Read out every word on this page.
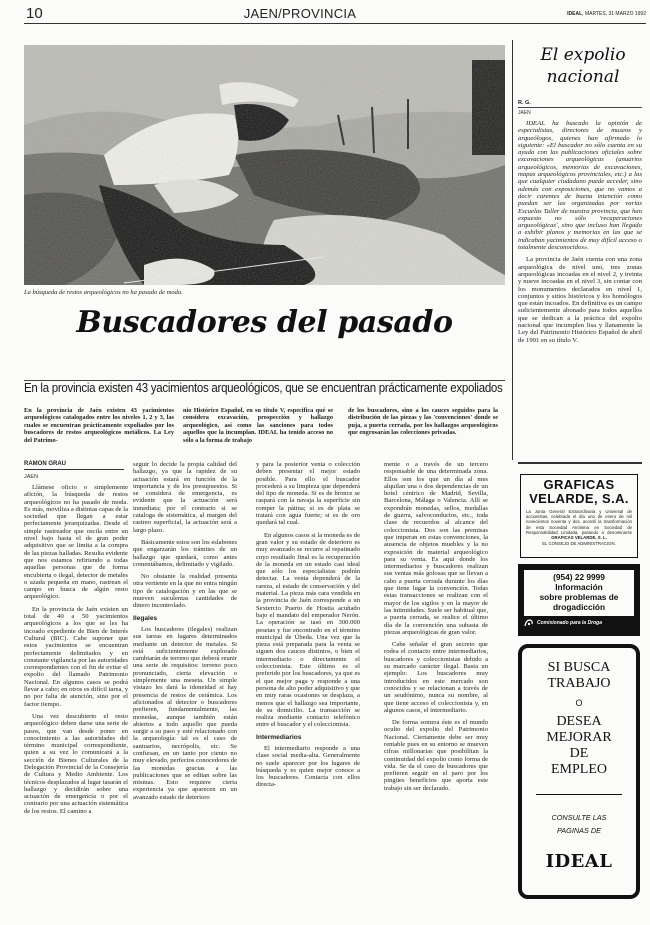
10	JAEN/PROVINCIA	IDEAL, MARTES, 31 MARZO 1992
La búsqueda de restos arqueológicos no ha pasado de moda.
Buscadores del pasado
En la provincia existen 43 yacimientos arqueológicos, que se encuentran prácticamente expoliados
En la provincia de Jaén existen 43 yacimientos arqueológicos catalogados entre los niveles 1, 2 y 3, las cuales se encuentran prácticamente expoliados por los buscadores de restos arqueológicos metálicos. La Ley del Patrimo-
nio Histórico Español, en su título V, especifica qué se considera excavación, prospección y hallazgo arqueológico, así como las sanciones para todos aquellos que la incumplan. IDEAL ha tenido acceso no sólo a la forma de trabajo
de los buscadores, sino a los cauces seguidos para la distribución de las piezas y las 'convenciones' donde se puja, a puerta cerrada, por los hallazgos arqueológicos que engrosarán las colecciones privadas.
RAMON GRAU
JAEN

Llámese oficio o simplemente afición, la búsqueda de restos arqueológicos no ha pasado de moda. Es más, moviliza a distintas capas de la sociedad que llegan a estar perfectamente jerarquizadas. Desde el simple rastreador que oscila entre un nivel bajo hasta el de gran poder adquisitivo que se limita a la compra de las piezas halladas. Resulta evidente que nos estamos refiriendo a todas aquellas personas que de forma encubierta o ilegal, detector de metales o azada pequeña en mano, rastrean el campo en busca de algún resto arqueológico.

En la provincia de Jaén existen un total de 40 a 50 yacimientos arqueológicos a los que se les ha incoado expediente de Bien de Interés Cultural (BIC). Cabe suponer que estos yacimientos se encuentran perfectamente delimitados y en constante vigilancia por las autoridades correspondientes con el fin de evitar el expolio del llamado Patrimonio Nacional. En algunos casos se podrá llevar a cabo; en otros es difícil tarea, y no por falta de atención, sino por el factor tiempo.

Una vez descubierto el resto arqueológico deben darse una serie de pasos, que van desde poner en conocimiento a las autoridades del término municipal correspondiente, quien a su vez lo comunicará a la sección de Bienes Culturales de la Delegación Provincial de la Consejería de Cultura y Medio Ambiente. Los técnicos desplazados al lugar tasarán el hallazgo y decidirán sobre una actuación de emergencia o por el contrario por una actuación sistemática de los restos. El camino a

seguir lo decide la propia calidad del hallazgo, ya que la rapidez de su actuación estará en función de la importancia y de los presupuestos. Si se considera de emergencia, es evidente que la actuación será inmediata; por el contrario si se cataloga de sistemática, al margen del rastreo superficial, la actuación será a largo plazo.

Básicamente estos son los eslabones que engarzarán los trámites de un hallazgo que quedará, como antes comentábamos, delimitado y vigilado.

No obstante la realidad presenta otra vertiente en la que no entra ningún tipo de catalogación y en las que se mueven suculentas cantidades de dinero incontrolado.

Ilegales

Los buscadores (ilegales) realizan sus tareas en lugares determinados mediante un detector de metales. Si está suficientemente explorado cambiarán de terreno que deberá reunir una serie de requisitos: terreno poco pronunciado, cierta elevación o simplemente una meseta. Un simple vistazo les dará la idoneidad si hay presencia de restos de cerámica. Los aficionados al detector o buscadores prefieren, fundamentalmente, las monedas, aunque también están abiertos a todo aquello que pueda surgir a su paso y esté relacionado con la arqueología: tal es el caso de santuarios, necrópolis, etc. Se confiesan, en un tanto por ciento no muy elevado, perfectos conocedores de las monedas gracias a las publicaciones que se editan sobre las mismas. Esto requiere cierta experiencia ya que aparecen en un avanzado estado de deterioro

y para la posterior venta o colección deben presentar el mejor estado posible. Para ello el buscador procederá a su limpieza que dependerá del tipo de moneda. Si es de bronce se raspará con la navaja la superficie sin romper la pátina; si es de plata se tratará con agua fuerte; si es de oro quedará tal cual.

En algunos casos si la moneda es de gran valor y su estado de deterioro es muy avanzado se recurre al repatinado cuyo resultado final es la recuperación de la moneda en un estado casi ideal que sólo los especialistas podrán detectar. La venta dependerá de la rareza, el estado de conservación y del material. La pieza más cara vendida en la provincia de Jaén corresponde a un Sextercio Puerto de Hostia acuñado bajo el mandato del emperador Nerón. La operación se tasó en 300.000 pesetas y fue encontrado en el término municipal de Úbeda. Una vez que la pieza está preparada para la venta se siguen dos cauces distintos, o bien el intermediario o directamente el coleccionista. Este último es el preferido por los buscadores, ya que es el que mejor paga y responde a una persona de alto poder adquisitivo y que en muy raras ocasiones se desplaza, a menos que el hallazgo sea importante, de su domicilio. La transacción se realiza mediante contacto telefónico entre el buscador y el coleccionista.

Intermediarios

El intermediario responde a una clase social media-alta. Generalmente no suele aparecer por los lugares de búsqueda y es quien mejor conoce a los buscadores. Contacta con ellos directa-

mente o a través de un tercero responsable de una determinada zona. Ellos son los que un día al mes alquilan una o dos dependencias de un hotel céntrico de Madrid, Sevilla, Barcelona, Málaga o Valencia. Allí se expondrán monedas, sellos, medallas de guerra, salvoconductos, etc., toda clase de recuerdos al alcance del coleccionista. Dos son las premisas que imperan en estas convenciones, la ausencia de objetos muebles y la no exposición de material arqueológico para su venta. Es aquí donde los intermediarios y buscadores realizan sus ventas más golosas que se llevan a cabo a puerta cerrada durante los días que tiene lugar la convención. Todas estas transacciones se realizan con el mayor de los sigilos y en la mayor de las intimidades. Suele ser habitual que, a puerta cerrada, se realice el último día de la convención una subasta de piezas arqueológicas de gran valor.

Cabe señalar el gran secreto que rodea el contacto entre intermediarios, buscadores y coleccionistas debido a su marcado carácter ilegal. Basta un ejemplo: Los buscadores muy introducidos en este mercado son conocidos y se relacionan a través de un seudónimo, nunca su nombre, al que tiene acceso el coleccionista y, en algunos casos, el intermediario.

De forma somera éste es el mundo oculto del expolio del Patrimonio Nacional. Ciertamente debe ser muy rentable pues en su entorno se mueven cifras millonarias que posibilitan la continuidad del expolio como forma de vida. Se da el caso de buscadores que prefieren seguir en el paro por los pingües beneficios que aporta este trabajo sin ser declarado.

El expolio
nacional
R. G.
JAEN

IDEAL ha buscado la opinión de especialistas, directores de museos y arqueólogos, quienes han afirmado lo siguiente: «El buscador no sólo cuenta en su ayuda con las publicaciones oficiales sobre excavaciones arqueológicas (anuarios arqueológicos, memorias de excavaciones, mapas arqueológicos provinciales, etc.) a las que cualquier ciudadano puede acceder, sino además con exposiciones, que no vamos a decir carentes de buena intención como puedan ser las organizadas por varias Escuelas Taller de nuestra provincia, que han expuesto no sólo 'recuperaciones arqueológicas', sino que incluso han llegado a exhibir planos y memorias en las que se indicaban yacimientos de muy difícil acceso o totalmente desconocidos».

La provincia de Jaén cuenta con una zona arqueológica de nivel uno, tres zonas arqueológicas incoadas en el nivel 2, y treinta y nueve incoadas en el nivel 3, sin contar con los monumentos declarados en nivel 1, conjuntos y sitios históricos y los homólogos que están incoados. En definitiva es un campo suficientemente abonado para todos aquellos que se dedican a la práctica del expolio nacional que incumplen lisa y llanamente la Ley del Patrimonio Histórico Español de abril de 1991 en su título V.

GRAFICAS
VELARDE, S.A.
La Junta General Extraordinaria y Universal de accionistas, celebrada el día uno de enero de mil novecientos noventa y dos, acordó la transformación de esta Sociedad Anónima en Sociedad de Responsabilidad Limitada, pasando a denominarse GRAFICAS VELARDE, S. L.
EL CONSEJO DE ADMINISTRACION.
(954) 22 9999
Información
sobre problemas de
drogadicción
Comisionado para la Droga
SI BUSCA
TRABAJO
O
DESEA
MEJORAR
DE
EMPLEO
CONSULTE LAS
PAGINAS DE
IDEAL
